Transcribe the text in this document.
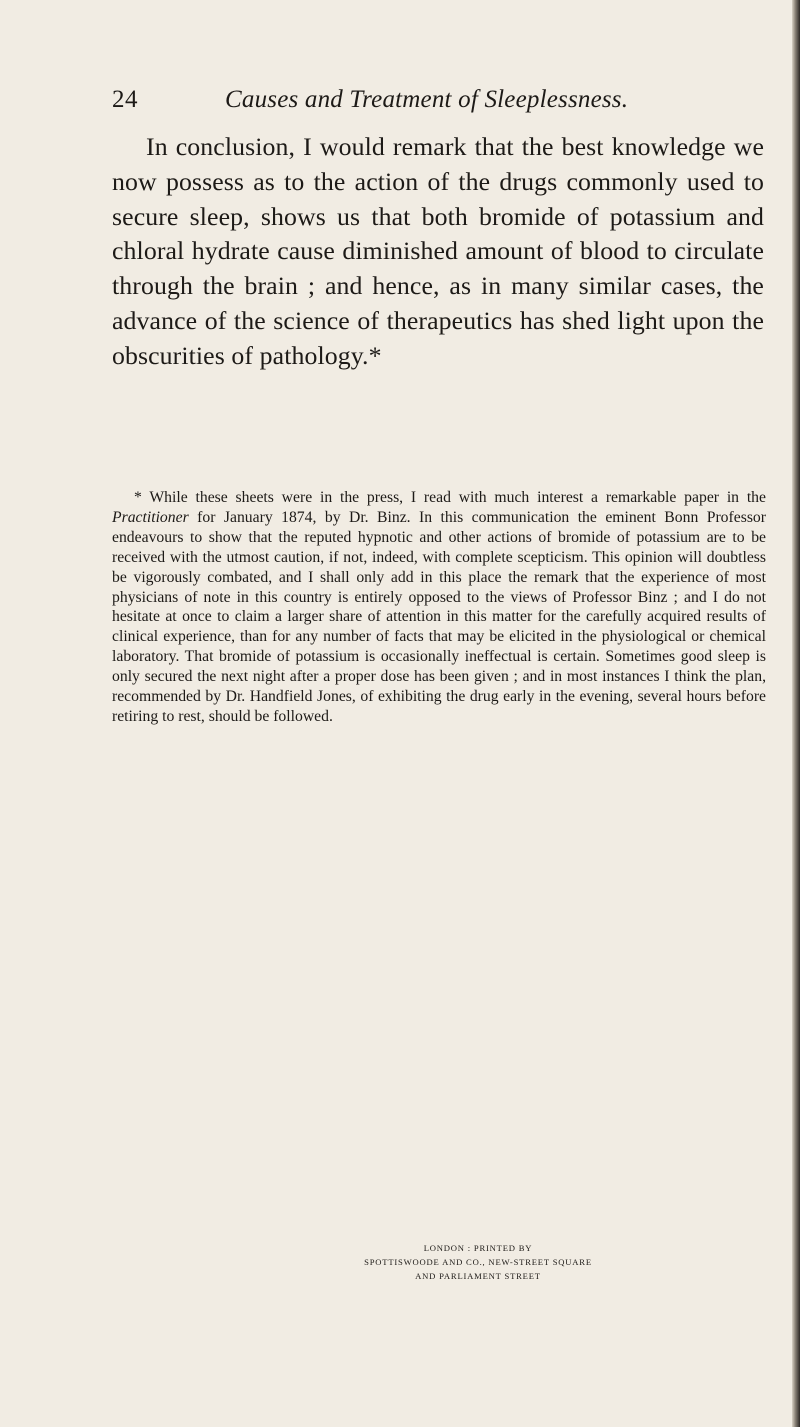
24	Causes and Treatment of Sleeplessness.

In conclusion, I would remark that the best knowledge we now possess as to the action of the drugs commonly used to secure sleep, shows us that both bromide of potassium and chloral hydrate cause diminished amount of blood to circulate through the brain ; and hence, as in many similar cases, the advance of the science of therapeutics has shed light upon the obscurities of pathology.*

* While these sheets were in the press, I read with much interest a remarkable paper in the Practitioner for January 1874, by Dr. Binz. In this communication the eminent Bonn Professor endeavours to show that the reputed hypnotic and other actions of bromide of potassium are to be received with the utmost caution, if not, indeed, with complete scepticism. This opinion will doubtless be vigorously combated, and I shall only add in this place the remark that the experience of most physicians of note in this country is entirely opposed to the views of Professor Binz ; and I do not hesitate at once to claim a larger share of attention in this matter for the carefully acquired results of clinical experience, than for any number of facts that may be elicited in the physiological or chemical laboratory. That bromide of potassium is occasionally ineffectual is certain. Sometimes good sleep is only secured the next night after a proper dose has been given ; and in most instances I think the plan, recommended by Dr. Handfield Jones, of exhibiting the drug early in the evening, several hours before retiring to rest, should be followed.

LONDON : PRINTED BY
SPOTTISWOODE AND CO., NEW-STREET SQUARE
AND PARLIAMENT STREET
